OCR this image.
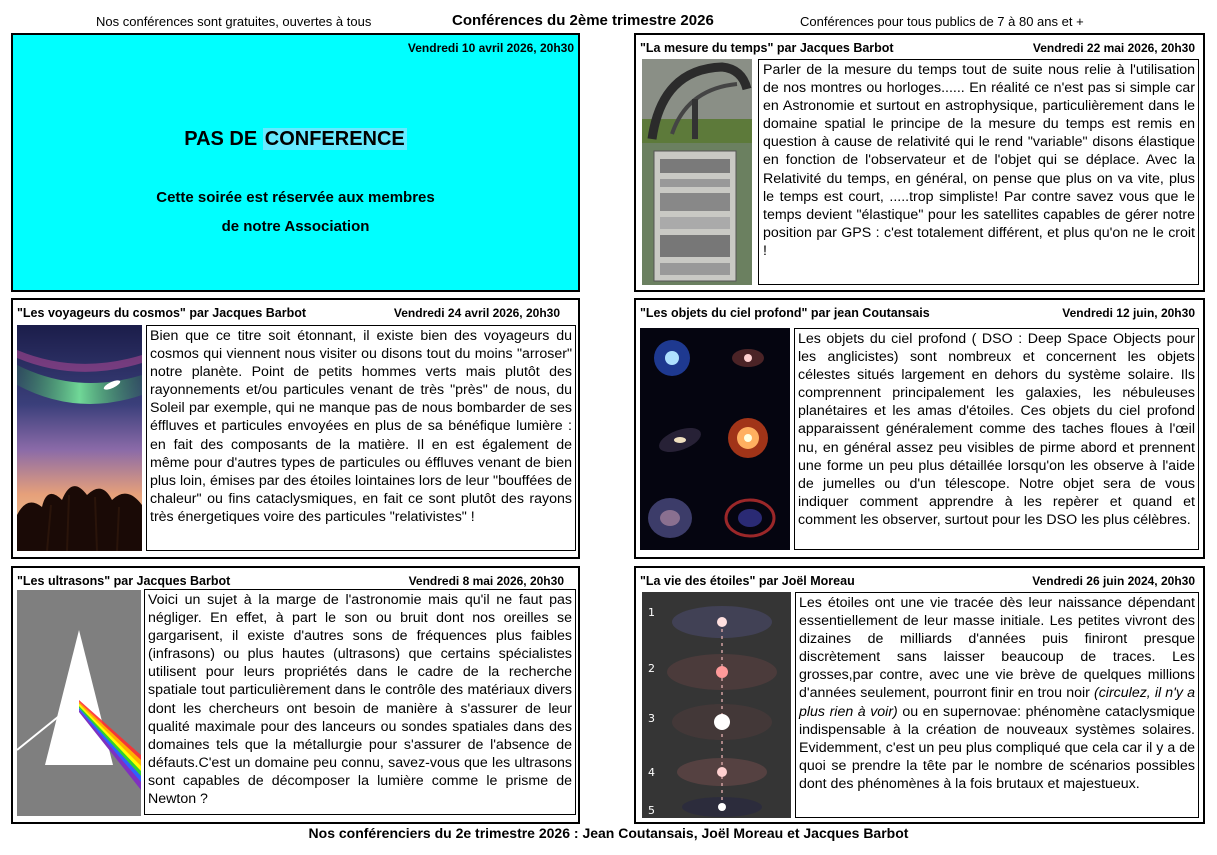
Nos conférences sont gratuites, ouvertes à tous	Conférences du 2ème trimestre 2026	Conférences pour tous publics de 7 à 80 ans et +
Vendredi 10 avril 2026, 20h30
PAS DE CONFERENCE
Cette soirée est réservée aux membres
de notre Association
"La mesure du temps" par Jacques Barbot	Vendredi 22 mai 2026, 20h30
Parler de la mesure du temps tout de suite nous relie à l'utilisation de nos montres ou horloges...... En réalité ce n'est pas si simple car en Astronomie et surtout en astrophysique, particulièrement dans le domaine spatial le principe de la mesure du temps est remis en question à cause de relativité qui le rend "variable" disons élastique en fonction de l'observateur et de l'objet qui se déplace. Avec la Relativité du temps, en général, on pense que plus on va vite, plus le temps est court, .....trop simpliste! Par contre savez vous que le temps devient "élastique" pour les satellites capables de gérer notre position par GPS : c'est totalement différent, et plus qu'on ne le croit !
"Les voyageurs du cosmos" par Jacques Barbot	Vendredi 24 avril 2026, 20h30
Bien que ce titre soit étonnant, il existe bien des voyageurs du cosmos qui viennent nous visiter ou disons tout du moins "arroser" notre planète. Point de petits hommes verts mais plutôt des rayonnements et/ou particules venant de très "près" de nous, du Soleil par exemple, qui ne manque pas de nous bombarder de ses éffluves et particules envoyées en plus de sa bénéfique lumière : en fait des composants de la matière. Il en est également de même pour d'autres types de particules ou éffluves venant de bien plus loin, émises par des étoiles lointaines lors de leur "bouffées de chaleur" ou fins cataclysmiques, en fait ce sont plutôt des rayons très énergetiques voire des particules "relativistes" !
"Les objets du ciel profond" par jean Coutansais	Vendredi 12 juin, 20h30
Les objets du ciel profond ( DSO : Deep Space Objects pour les anglicistes) sont nombreux et concernent les objets célestes situés largement en dehors du système solaire. Ils comprennent principalement les galaxies, les nébuleuses planétaires et les amas d'étoiles. Ces objets du ciel profond apparaissent généralement comme des taches floues à l'œil nu, en général assez peu visibles de pirme abord et prennent une forme un peu plus détaillée lorsqu'on les observe à l'aide de jumelles ou d'un télescope. Notre objet sera de vous indiquer comment apprendre à les repèrer et quand et comment les observer, surtout pour les DSO les plus célèbres.
"Les ultrasons" par Jacques Barbot	Vendredi 8 mai 2026, 20h30
Voici un sujet à la marge de l'astronomie mais qu'il ne faut pas négliger. En effet, à part le son ou bruit dont nos oreilles se gargarisent, il existe d'autres sons de fréquences plus faibles (infrasons) ou plus hautes (ultrasons) que certains spécialistes utilisent pour leurs propriétés dans le cadre de la recherche spatiale tout particulièrement dans le contrôle des matériaux divers dont les chercheurs ont besoin de manière à s'assurer de leur qualité maximale pour des lanceurs ou sondes spatiales dans des domaines tels que la métallurgie pour s'assurer de l'absence de défauts.C'est un domaine peu connu, savez-vous que les ultrasons sont capables de décomposer la lumière comme le prisme de Newton ?
"La vie des étoiles" par Joël Moreau	Vendredi 26 juin 2024, 20h30
1
2
3
4
5
Les étoiles ont une vie tracée dès leur naissance dépendant essentiellement de leur masse initiale. Les petites vivront des dizaines de milliards d'années puis finiront presque discrètement sans laisser beaucoup de traces. Les grosses,par contre, avec une vie brève de quelques millions d'années seulement, pourront finir en trou noir (circulez, il n'y a plus rien à voir) ou en supernovae: phénomène cataclysmique indispensable à la création de nouveaux systèmes solaires. Evidemment, c'est un peu plus compliqué que cela car il y a de quoi se prendre la tête par le nombre de scénarios possibles dont des phénomènes à la fois brutaux et majestueux.
Nos conférenciers du 2e trimestre 2026 : Jean Coutansais, Joël Moreau et Jacques Barbot
